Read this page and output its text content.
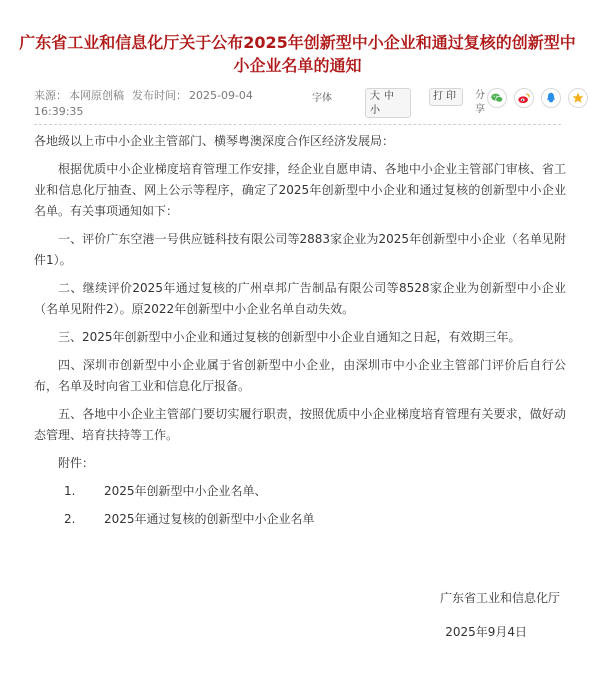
广东省工业和信息化厅关于公布2025年创新型中小企业和通过复核的创新型中小企业名单的通知
来源： 本网原创稿 发布时间： 2025-09-04
16:39:35
字体	大中小
打印	分享

各地级以上市中小企业主管部门、横琴粤澳深度合作区经济发展局：

根据优质中小企业梯度培育管理工作安排，经企业自愿申请、各地中小企业主管部门审核、省工业和信息化厅抽查、网上公示等程序，确定了2025年创新型中小企业和通过复核的创新型中小企业名单。有关事项通知如下：

一、评价广东空港一号供应链科技有限公司等2883家企业为2025年创新型中小企业（名单见附件1）。

二、继续评价2025年通过复核的广州卓邦广告制品有限公司等8528家企业为创新型中小企业（名单见附件2）。原2022年创新型中小企业名单自动失效。

三、2025年创新型中小企业和通过复核的创新型中小企业自通知之日起，有效期三年。

四、深圳市创新型中小企业属于省创新型中小企业，由深圳市中小企业主管部门评价后自行公布，名单及时向省工业和信息化厅报备。

五、各地中小企业主管部门要切实履行职责，按照优质中小企业梯度培育管理有关要求，做好动态管理、培育扶持等工作。

附件：

1. 2025年创新型中小企业名单、
2. 2025年通过复核的创新型中小企业名单
广东省工业和信息化厅
2025年9月4日
